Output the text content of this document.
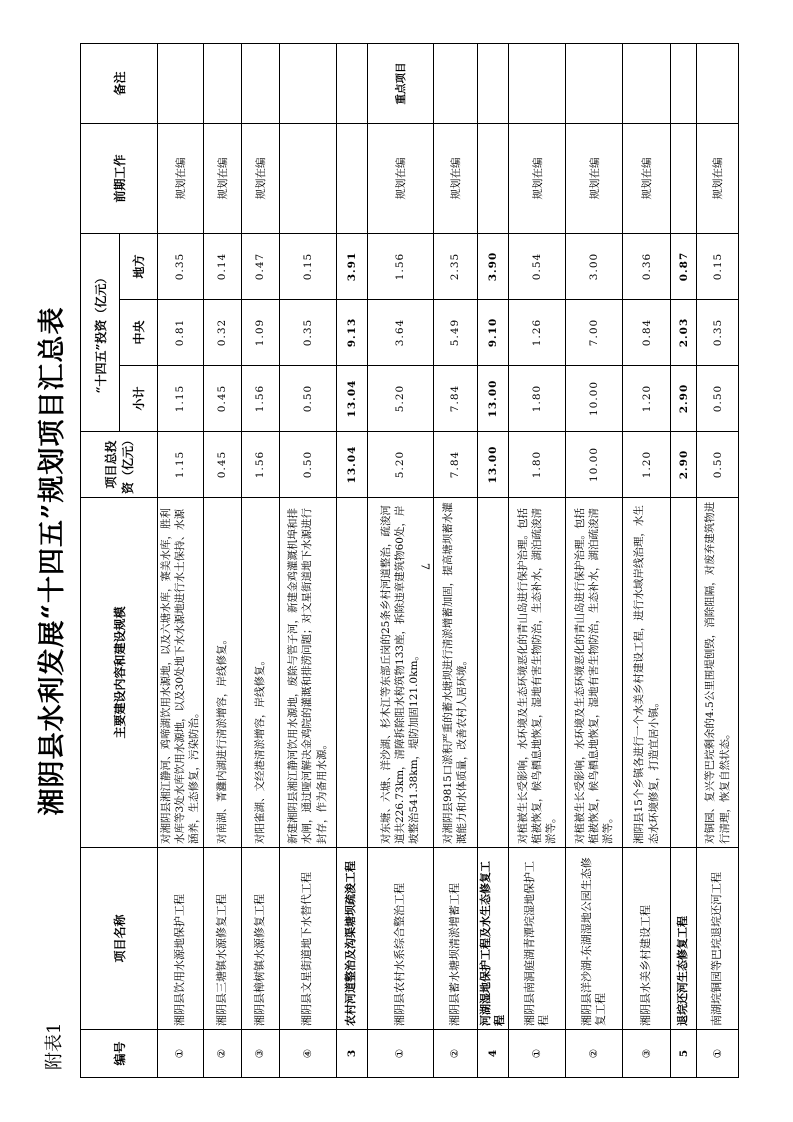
7
附表1
湘阴县水利发展“十四五”规划项目汇总表
编号	项目名称	主要建设内容和建设规模	项目总投资（亿元）	“十四五”投资（亿元）			前期工作	备注
				小计	中央	地方		
①	湘阴县饮用水源地保护工程	对湘阴县湘江静河、鸡啼湖饮用水源地，以及六塘水库，赛美水库，胜利水库等3处水库饮用水源地，以及30处地下水水源地进行水土保持、水源涵养，生态修复，污染防治。	1.15	1.15	0.81	0.35	规划在编	
②	湘阴县三塘镇水源修复工程	对南湖、菁灉内湖进行清淤增容，岸线修复。	0.45	0.45	0.32	0.14	规划在编	
③	湘阴县樟树镇水源修复工程	对阳雀湖、文经港清淤增容，岸线修复。	1.56	1.56	1.09	0.47	规划在编	
④	湘阴县文星街道地下水替代工程	新建湘阴县湘江静河饮用水源地，废除与管子河，新建金鸡灌溉机埠和排水闸，通过哑河解决金鸡院的灌溉和排涝问题；对文星街道地下水源进行封存，作为备用水源。	0.50	0.50	0.35	0.15		
3	农村河道整治及沟渠塘坝疏浚工程		13.04	13.04	9.13	3.91		
①	湘阴县农村水系综合整治工程	对东塘、六塘、洋沙湖、杉木江等东部丘岗的25条乡村河道整治，疏浚河道共226.73km，清障拆除阻水构筑物133座，拆除违章建筑物60处，岸坡整治541.38km，堤防加固121.0km。	5.20	5.20	3.64	1.56	规划在编	重点项目
②	湘阴县蓄水塘坝清淤增蓄工程	对湘阴县9815口淤积严重的蓄水塘坝进行清淤增蓄加固，提高塘坝蓄水灌溉能力和水体质量，改善农村人居环境。	7.84	7.84	5.49	2.35	规划在编	
4	河湖湿地保护工程及水生态修复工程		13.00	13.00	9.10	3.90		
①	湘阴县南洞庭湖青潭垸湿地保护工程	对植被生长受影响，水环境及生态环境恶化的青山岛进行保护治理。包括植被恢复，候鸟栖息地恢复，湿地有害生物防治，生态补水，湖泊疏浚清淤等。	1.80	1.80	1.26	0.54	规划在编	
②	湘阴县洋沙湖-东湖湿地公园生态修复工程	对植被生长受影响，水环境及生态环境恶化的青山岛进行保护治理。包括植被恢复，候鸟栖息地恢复，湿地有害生物防治，生态补水，湖泊疏浚清淤等。	10.00	10.00	7.00	3.00	规划在编	
③	湘阴县水美乡村建设工程	湘阴县15个乡镇各进行一个水美乡村建设工程，进行水域岸线治理，水生态水环境修复，打造宜居小镇。	1.20	1.20	0.84	0.36	规划在编	
5	退垸还河生态修复工程		2.90	2.90	2.03	0.87		
①	南湖垸铜园等巴垸退垸还河工程	对铜园、复兴等巴垸剩余的4.5公里围堤刨毁，消除阻隔，对废弃建筑物进行清理，恢复自然状态。	0.50	0.50	0.35	0.15	规划在编	
